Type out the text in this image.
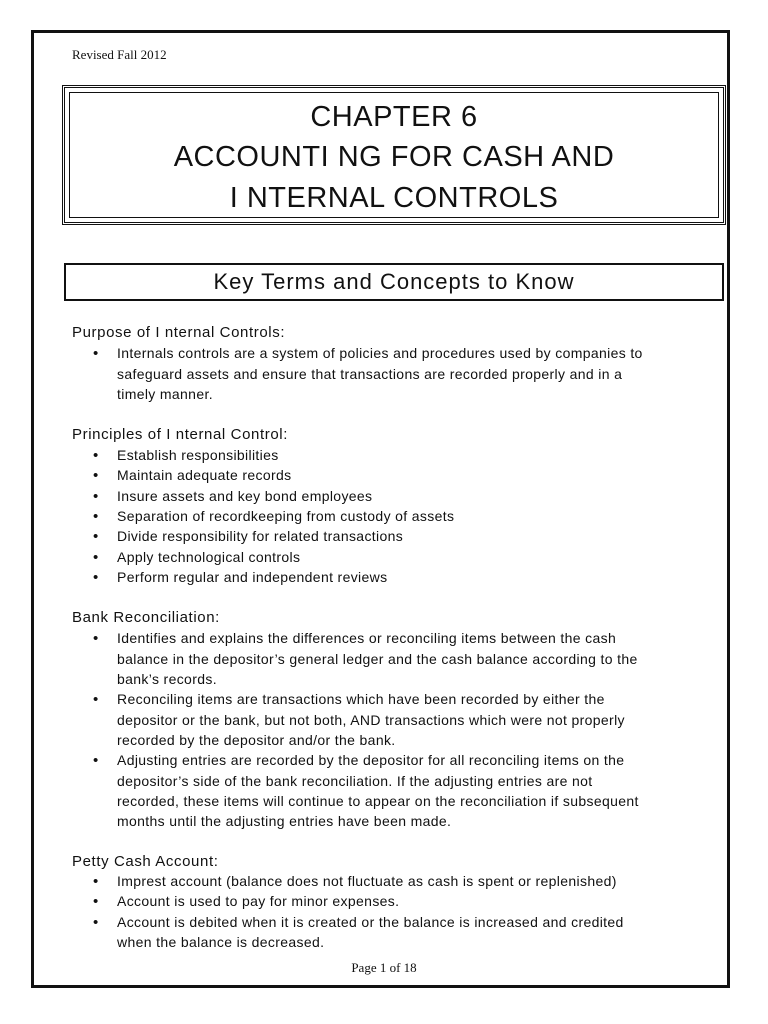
Revised Fall 2012
CHAPTER 6
ACCOUNTI NG FOR CASH AND
I NTERNAL CONTROLS
Key Terms and Concepts to Know
Purpose of I nternal Controls:
•	Internals controls are a system of policies and procedures used by companies to
safeguard assets and ensure that transactions are recorded properly and in a
timely manner.
Principles of I nternal Control:
•	Establish responsibilities
•	Maintain adequate records
•	Insure assets and key bond employees
•	Separation of recordkeeping from custody of assets
•	Divide responsibility for related transactions
•	Apply technological controls
•	Perform regular and independent reviews
Bank Reconciliation:
•	Identifies and explains the differences or reconciling items between the cash
balance in the depositor’s general ledger and the cash balance according to the
bank’s records.
•	Reconciling items are transactions which have been recorded by either the
depositor or the bank, but not both, AND transactions which were not properly
recorded by the depositor and/or the bank.
•	Adjusting entries are recorded by the depositor for all reconciling items on the
depositor’s side of the bank reconciliation. If the adjusting entries are not
recorded, these items will continue to appear on the reconciliation if subsequent
months until the adjusting entries have been made.
Petty Cash Account:
•	Imprest account (balance does not fluctuate as cash is spent or replenished)
•	Account is used to pay for minor expenses.
•	Account is debited when it is created or the balance is increased and credited
when the balance is decreased.
Page 1 of 18
